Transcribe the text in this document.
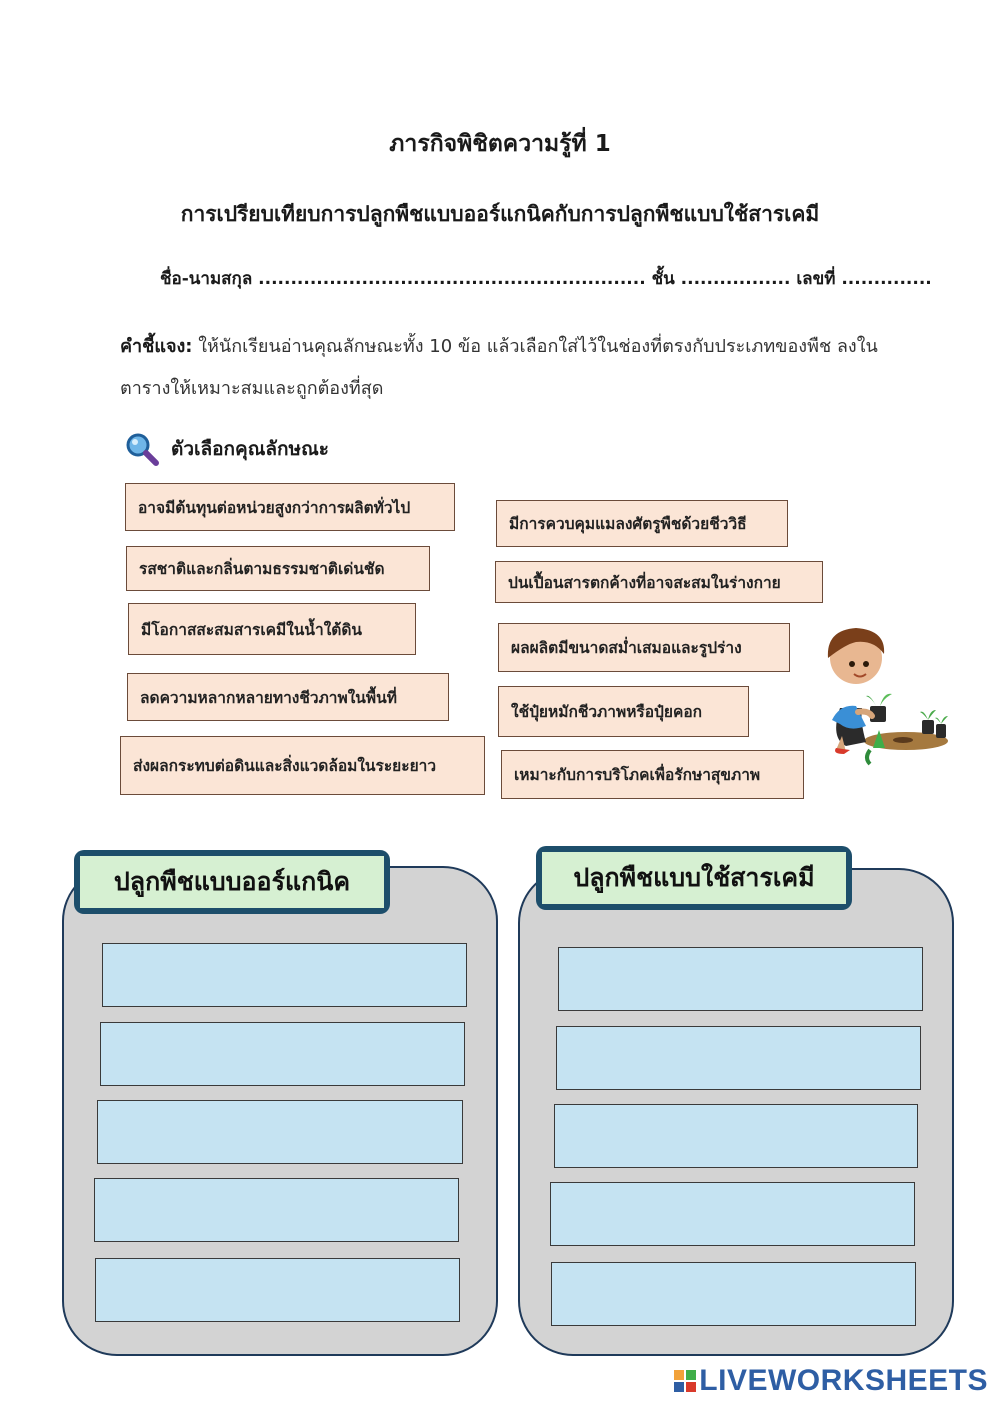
ภารกิจพิชิตความรู้ที่ 1
การเปรียบเทียบการปลูกพืชแบบออร์แกนิคกับการปลูกพืชแบบใช้สารเคมี
ชื่อ-นามสกุล ............................................................ ชั้น ................. เลขที่ ..............
คำชี้แจง: ให้นักเรียนอ่านคุณลักษณะทั้ง 10 ข้อ แล้วเลือกใส่ไว้ในช่องที่ตรงกับประเภทของพืช ลงในตารางให้เหมาะสมและถูกต้องที่สุด
ตัวเลือกคุณลักษณะ
อาจมีต้นทุนต่อหน่วยสูงกว่าการผลิตทั่วไป
รสชาติและกลิ่นตามธรรมชาติเด่นชัด
มีโอกาสสะสมสารเคมีในน้ำใต้ดิน
ลดความหลากหลายทางชีวภาพในพื้นที่
ส่งผลกระทบต่อดินและสิ่งแวดล้อมในระยะยาว
มีการควบคุมแมลงศัตรูพืชด้วยชีววิธี
ปนเปื้อนสารตกค้างที่อาจสะสมในร่างกาย
ผลผลิตมีขนาดสม่ำเสมอและรูปร่าง
ใช้ปุ๋ยหมักชีวภาพหรือปุ๋ยคอก
เหมาะกับการบริโภคเพื่อรักษาสุขภาพ
ปลูกพืชแบบออร์แกนิค	ปลูกพืชแบบใช้สารเคมี
LIVEWORKSHEETS
